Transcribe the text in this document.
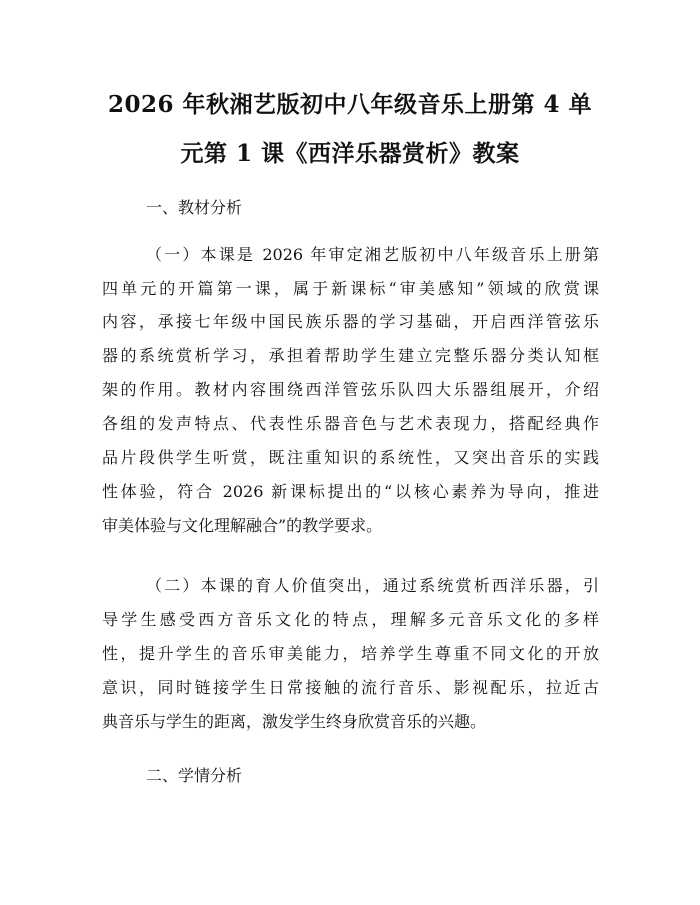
2026 年秋湘艺版初中八年级音乐上册第 4 单
元第 1 课《西洋乐器赏析》教案
一、教材分析
（一）本课是 2026 年审定湘艺版初中八年级音乐上册第
四单元的开篇第一课，属于新课标“审美感知”领域的欣赏课
内容，承接七年级中国民族乐器的学习基础，开启西洋管弦乐
器的系统赏析学习，承担着帮助学生建立完整乐器分类认知框
架的作用。教材内容围绕西洋管弦乐队四大乐器组展开，介绍
各组的发声特点、代表性乐器音色与艺术表现力，搭配经典作
品片段供学生听赏，既注重知识的系统性，又突出音乐的实践
性体验，符合 2026 新课标提出的“以核心素养为导向，推进
审美体验与文化理解融合”的教学要求。
（二）本课的育人价值突出，通过系统赏析西洋乐器，引
导学生感受西方音乐文化的特点，理解多元音乐文化的多样
性，提升学生的音乐审美能力，培养学生尊重不同文化的开放
意识，同时链接学生日常接触的流行音乐、影视配乐，拉近古
典音乐与学生的距离，激发学生终身欣赏音乐的兴趣。
二、学情分析
